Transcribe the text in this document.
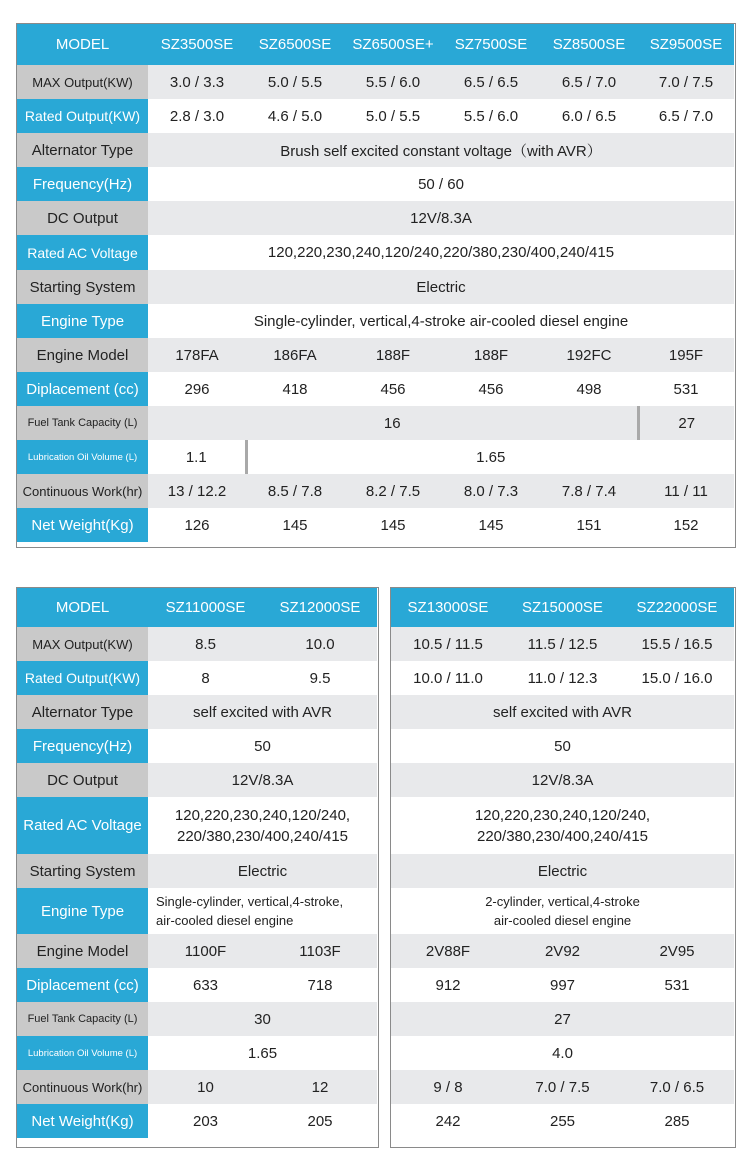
MODEL	SZ3500SE	SZ6500SE	SZ6500SE+	SZ7500SE	SZ8500SE	SZ9500SE
MAX Output(KW)	3.0 / 3.3	5.0 / 5.5	5.5 / 6.0	6.5 / 6.5	6.5 / 7.0	7.0 / 7.5
Rated Output(KW)	2.8 / 3.0	4.6 / 5.0	5.0 / 5.5	5.5 / 6.0	6.0 / 6.5	6.5 / 7.0
Alternator Type	Brush self excited constant voltage（with AVR）					
Frequency(Hz)	50 / 60					
DC Output	12V/8.3A					
Rated AC Voltage	120,220,230,240,120/240,220/380,230/400,240/415					
Starting System	Electric					
Engine Type	Single-cylinder, vertical,4-stroke air-cooled diesel engine					
Engine Model	178FA	186FA	188F	188F	192FC	195F
Diplacement (cc)	296	418	456	456	498	531
Fuel Tank Capacity (L)	16					27
Lubrication Oil Volume (L)	1.1	1.65				
Continuous Work(hr)	13 / 12.2	8.5 / 7.8	8.2 / 7.5	8.0 / 7.3	7.8 / 7.4	11 / 11
Net Weight(Kg)	126	145	145	145	151	152
MODEL	SZ11000SE	SZ12000SE
MAX Output(KW)	8.5	10.0
Rated Output(KW)	8	9.5
Alternator Type	self excited with AVR	
Frequency(Hz)	50	
DC Output	12V/8.3A	
Rated AC Voltage	120,220,230,240,120/240,
220/380,230/400,240/415	

Starting System	Electric	
Engine Type	Single-cylinder, vertical,4-stroke,
air-cooled diesel engine	

Engine Model	1100F	1103F
Diplacement (cc)	633	718
Fuel Tank Capacity (L)	30	
Lubrication Oil Volume (L)	1.65	
Continuous Work(hr)	10	12
Net Weight(Kg)	203	205
SZ13000SE	SZ15000SE	SZ22000SE
10.5 / 11.5	11.5 / 12.5	15.5 / 16.5
10.0 / 11.0	11.0 / 12.3	15.0 / 16.0
self excited with AVR		
50		
12V/8.3A		

120,220,230,240,120/240,
220/380,230/400,240/415		

Electric		

2-cylinder, vertical,4-stroke
air-cooled diesel engine		

2V88F	2V92	2V95
912	997	531
27		
4.0		
9 / 8	7.0 / 7.5	7.0 / 6.5
242	255	285
